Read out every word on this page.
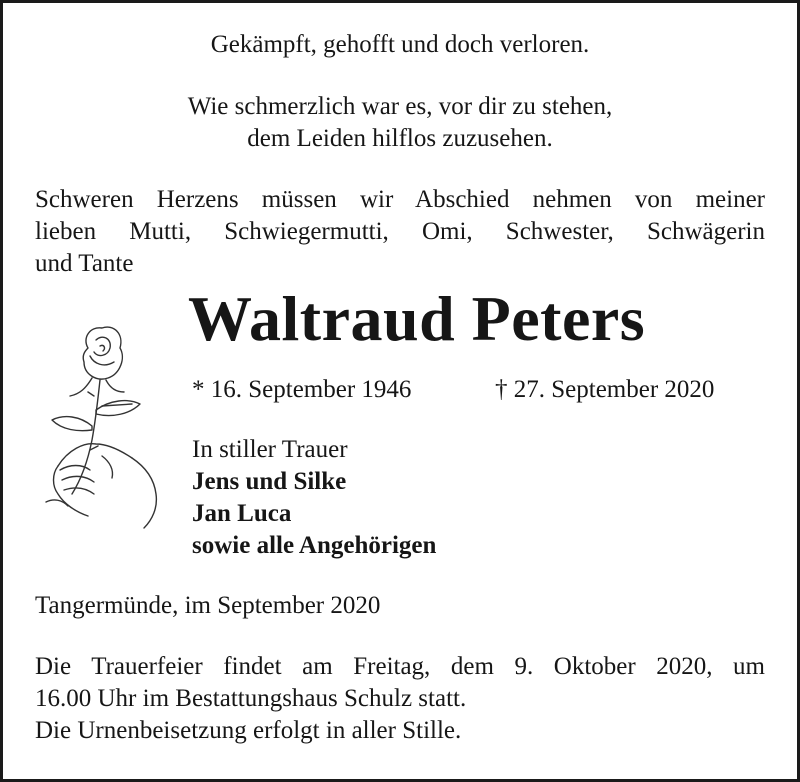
Gekämpft, gehofft und doch verloren.

Wie schmerzlich war es, vor dir zu stehen,

dem Leiden hilflos zuzusehen.

Schweren Herzens müssen wir Abschied nehmen von meiner

lieben Mutti, Schwiegermutti, Omi, Schwester, Schwägerin

und Tante

Waltraud Peters

* 16. September 1946	† 27. September 2020

In stiller Trauer

Jens und Silke

Jan Luca

sowie alle Angehörigen

Tangermünde, im September 2020

Die Trauerfeier findet am Freitag, dem 9. Oktober 2020, um

16.00 Uhr im Bestattungshaus Schulz statt.

Die Urnenbeisetzung erfolgt in aller Stille.
